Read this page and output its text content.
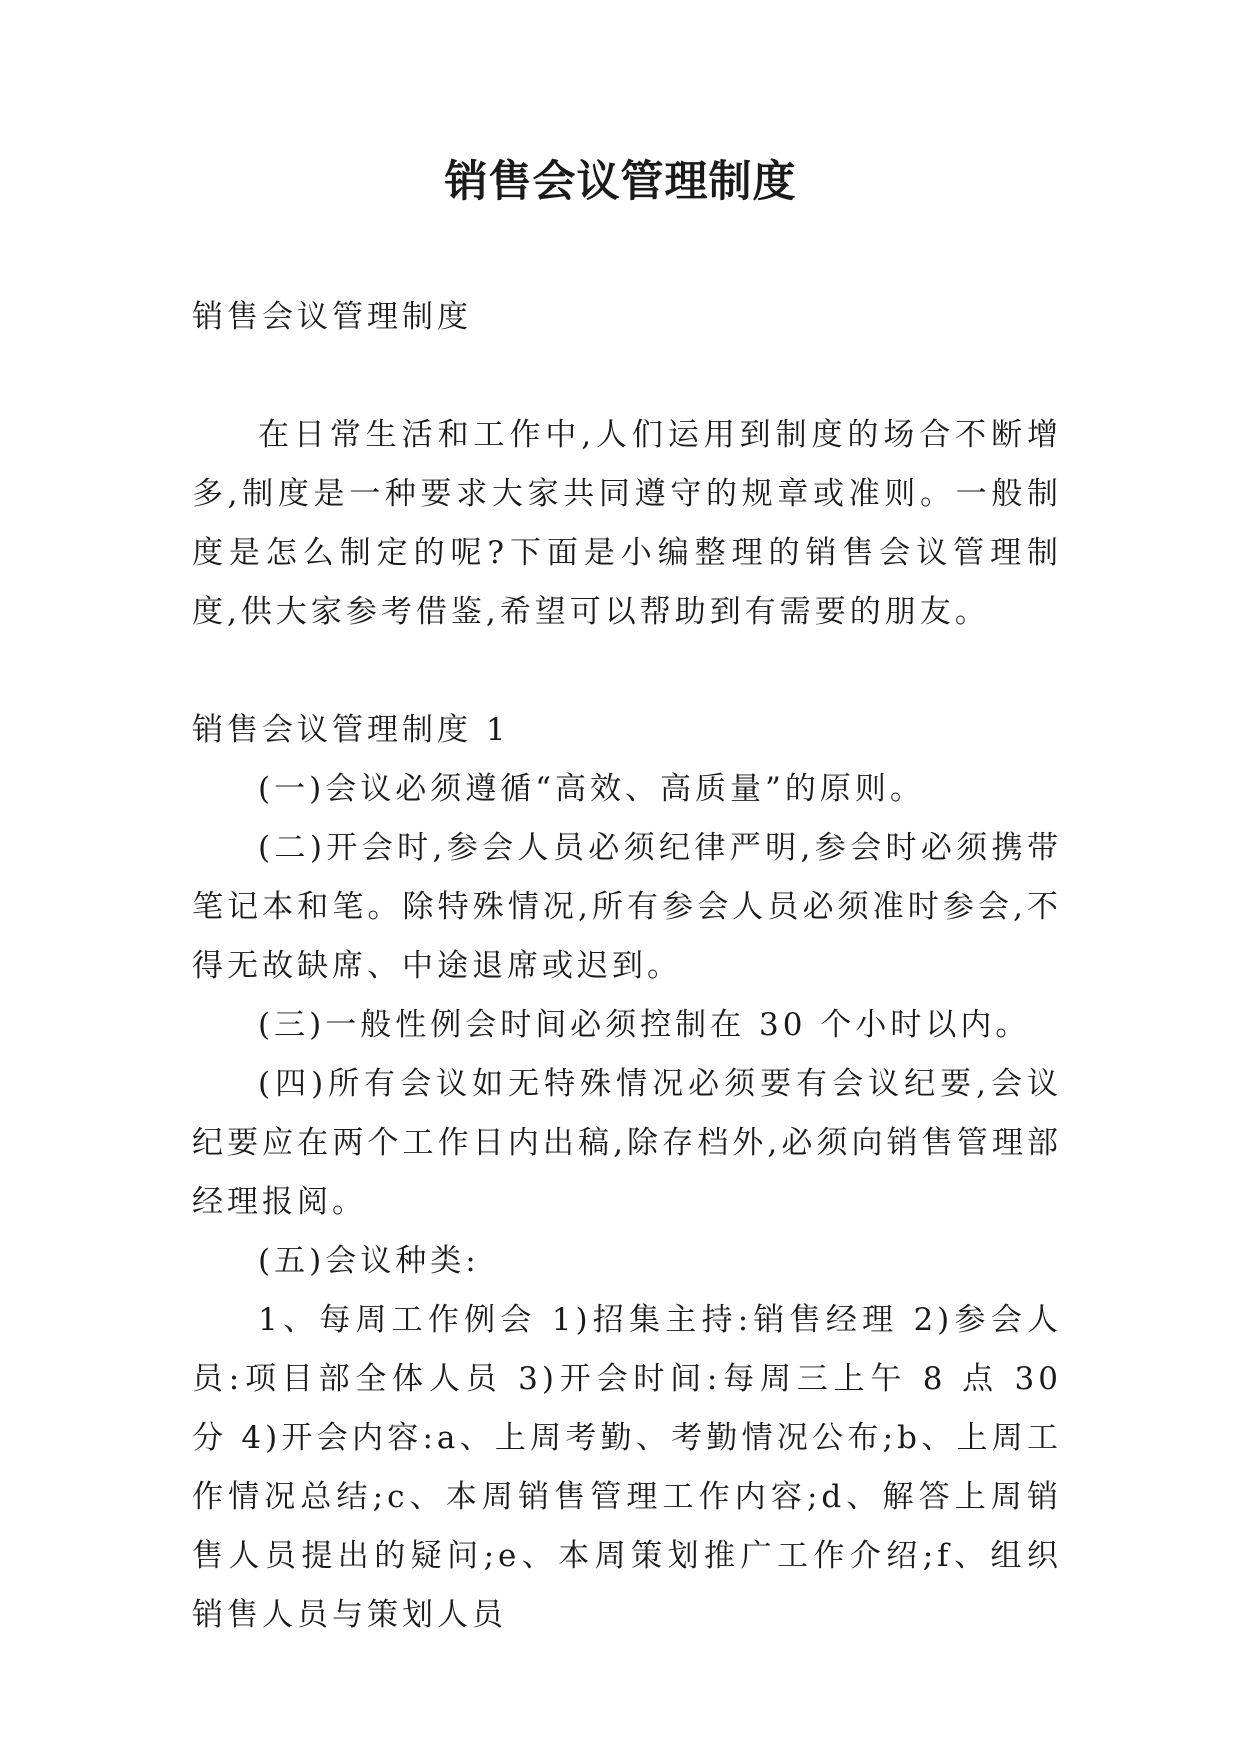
销售会议管理制度

销售会议管理制度

在日常生活和工作中,人们运用到制度的场合不断增多,制度是一种要求大家共同遵守的规章或准则。一般制度是怎么制定的呢?下面是小编整理的销售会议管理制度,供大家参考借鉴,希望可以帮助到有需要的朋友。

销售会议管理制度 1

(一)会议必须遵循“高效、高质量”的原则。

(二)开会时,参会人员必须纪律严明,参会时必须携带笔记本和笔。除特殊情况,所有参会人员必须准时参会,不得无故缺席、中途退席或迟到。

(三)一般性例会时间必须控制在 30 个小时以内。

(四)所有会议如无特殊情况必须要有会议纪要,会议纪要应在两个工作日内出稿,除存档外,必须向销售管理部经理报阅。

(五)会议种类:

1、每周工作例会 1)招集主持:销售经理 2)参会人员:项目部全体人员 3)开会时间:每周三上午 8 点 30 分 4)开会内容:a、上周考勤、考勤情况公布;b、上周工作情况总结;c、本周销售管理工作内容;d、解答上周销售人员提出的疑问;e、本周策划推广工作介绍;f、组织销售人员与策划人员
